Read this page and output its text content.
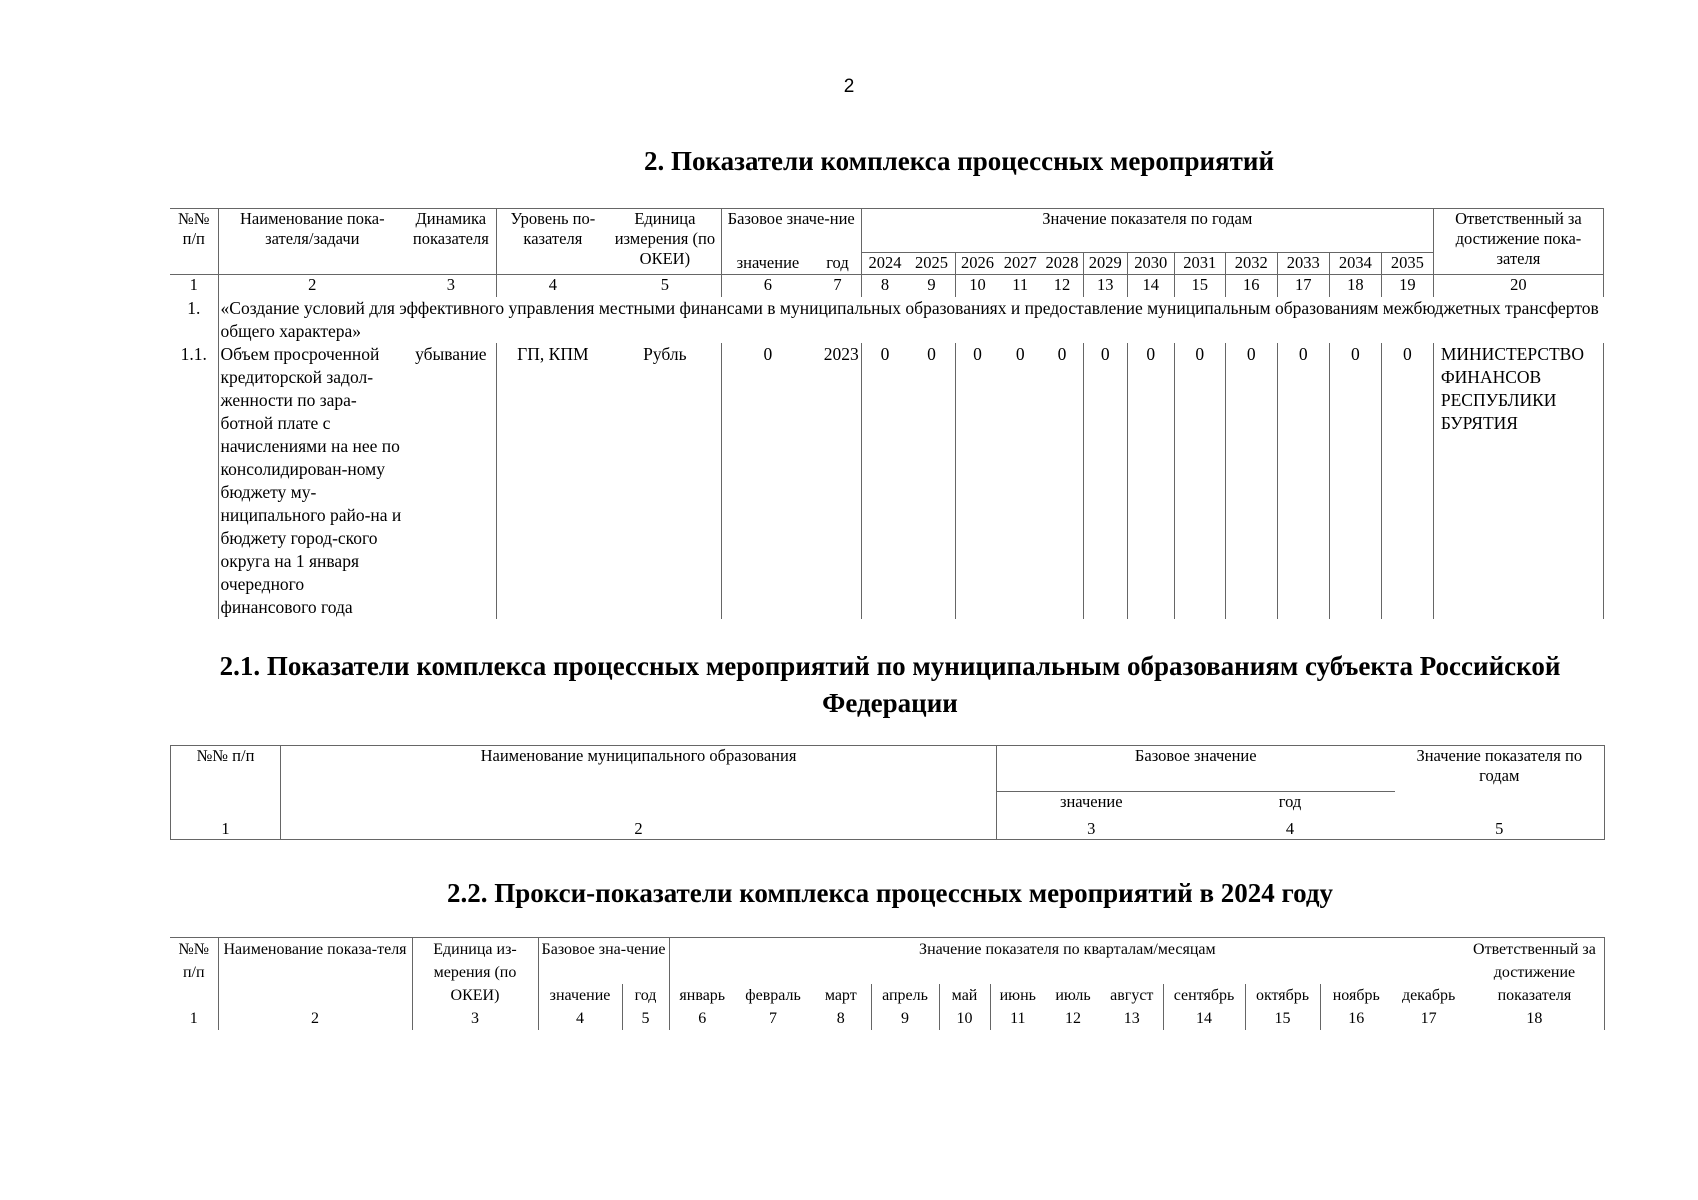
2
2. Показатели комплекса процессных мероприятий
№№ п/п	Наименование пока-зателя/задачи	Динамика показателя	Уровень по-казателя	Единица измерения (по ОКЕИ)	Базовое значе-ние		Значение показателя по годам												Ответственный за достижение пока-зателя
					значение	год	2024	2025	2026	2027	2028	2029	2030	2031	2032	2033	2034	2035	
1	2	3	4	5	6	7	8	9	10	11	12	13	14	15	16	17	18	19	20
1.	«Создание условий для эффективного управления местными финансами в муниципальных образованиях и предоставление муниципальным образованиям межбюджетных трансфертов общего характера»																		
1.1.	Объем просроченной кредиторской задол-женности по зара-ботной плате с начислениями на нее по консолидирован-ному бюджету му-ниципального райо-на и бюджету город-ского округа на 1 января очередного финансового года	убывание	ГП, КПМ	Рубль	0	2023	0	0	0	0	0	0	0	0	0	0	0	0	МИНИСТЕРСТВО ФИНАНСОВ РЕСПУБЛИКИ БУРЯТИЯ
2.1. Показатели комплекса процессных мероприятий по муниципальным образованиям субъекта Российской Федерации
№№ п/п	Наименование муниципального образования	Базовое значение		Значение показателя по годам
		значение	год	
1	2	3	4	5
2.2. Прокси-показатели комплекса процессных мероприятий в 2024 году
№№ п/п	Наименование показа-теля	Единица из-мерения (по ОКЕИ)	Базовое зна-чение		Значение показателя по кварталам/месяцам												Ответственный за достижение показателя

			значение	год	январь	февраль	март	апрель	май	июнь	июль	август	сентябрь	октябрь	ноябрь	декабрь	
1	2	3	4	5	6	7	8	9	10	11	12	13	14	15	16	17	18
